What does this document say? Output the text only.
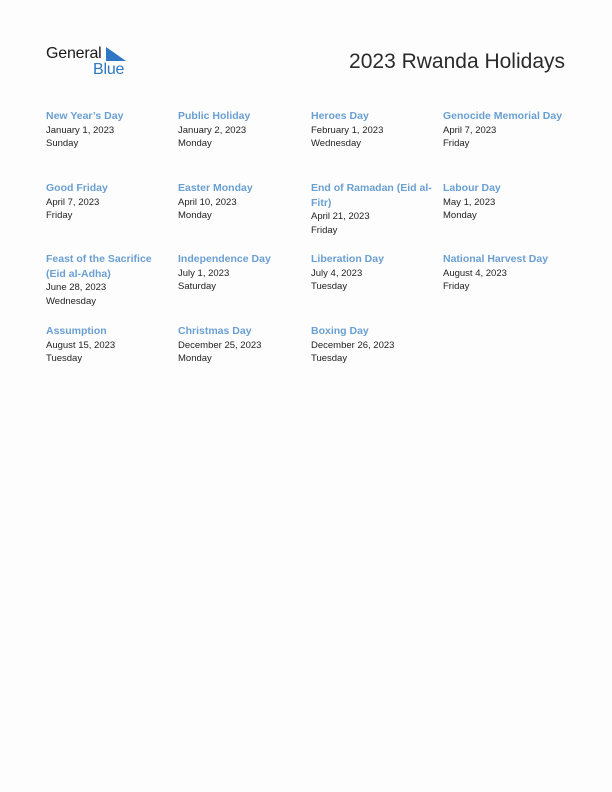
General
Blue	2023 Rwanda Holidays
New Year’s Day
January 1, 2023
Sunday
Public Holiday
January 2, 2023
Monday
Heroes Day
February 1, 2023
Wednesday
Genocide Memorial Day
April 7, 2023
Friday
Good Friday
April 7, 2023
Friday
Easter Monday
April 10, 2023
Monday
End of Ramadan (Eid al-Fitr)
April 21, 2023
Friday
Labour Day
May 1, 2023
Monday
Feast of the Sacrifice (Eid al-Adha)
June 28, 2023
Wednesday
Independence Day
July 1, 2023
Saturday
Liberation Day
July 4, 2023
Tuesday
National Harvest Day
August 4, 2023
Friday
Assumption
August 15, 2023
Tuesday
Christmas Day
December 25, 2023
Monday
Boxing Day
December 26, 2023
Tuesday
